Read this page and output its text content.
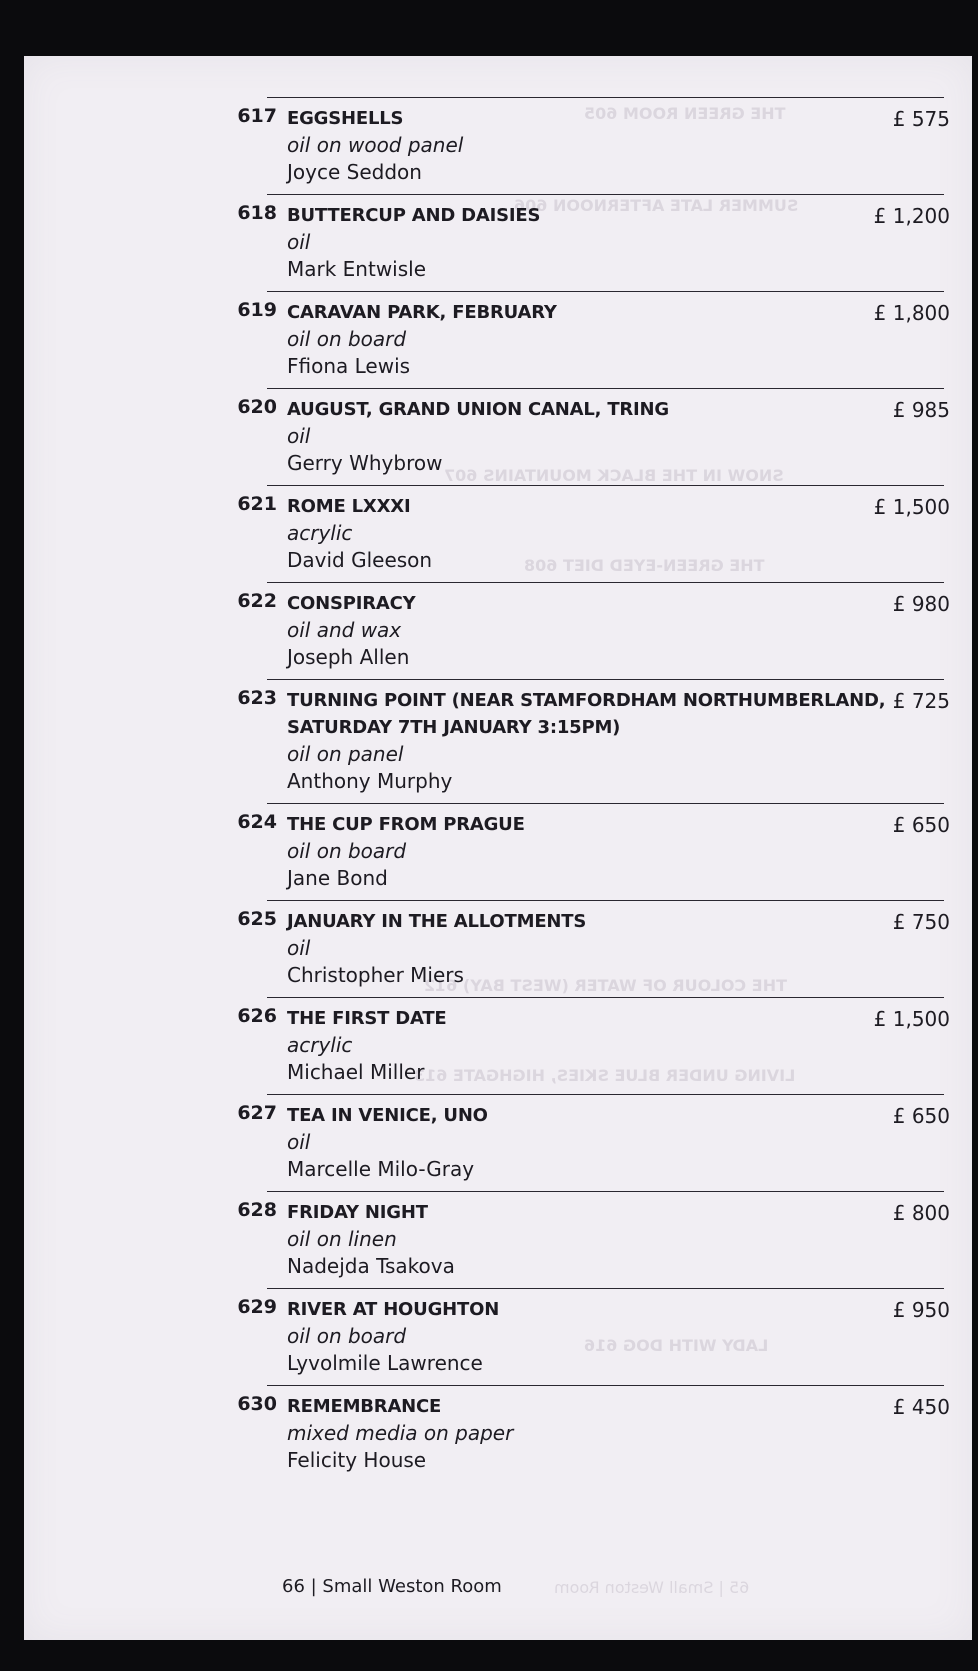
THE GREEN ROOM 605
SUMMER LATE AFTERNOON 606
SNOW IN THE BLACK MOUNTAINS 607
THE GREEN-EYED DIET 608
THE COLOUR OF WATER (WEST BAY) 612
LIVING UNDER BLUE SKIES, HIGHGATE 613
LADY WITH DOG 616
65 | Small Weston Room
617 EGGSHELLS
oil on wood panel
Joyce Seddon
£ 575
618 BUTTERCUP AND DAISIES
oil
Mark Entwisle
£ 1,200
619 CARAVAN PARK, FEBRUARY
oil on board
Ffiona Lewis
£ 1,800
620 AUGUST, GRAND UNION CANAL, TRING
oil
Gerry Whybrow
£ 985
621 ROME LXXXI
acrylic
David Gleeson
£ 1,500
622 CONSPIRACY
oil and wax
Joseph Allen
£ 980
623 TURNING POINT (NEAR STAMFORDHAM NORTHUMBERLAND,
SATURDAY 7TH JANUARY 3:15PM)
oil on panel
Anthony Murphy
£ 725
624 THE CUP FROM PRAGUE
oil on board
Jane Bond
£ 650
625 JANUARY IN THE ALLOTMENTS
oil
Christopher Miers
£ 750
626 THE FIRST DATE
acrylic
Michael Miller
£ 1,500
627 TEA IN VENICE, UNO
oil
Marcelle Milo-Gray
£ 650
628 FRIDAY NIGHT
oil on linen
Nadejda Tsakova
£ 800
629 RIVER AT HOUGHTON
oil on board
Lyvolmile Lawrence
£ 950
630 REMEMBRANCE
mixed media on paper
Felicity House
£ 450
66 | Small Weston Room
